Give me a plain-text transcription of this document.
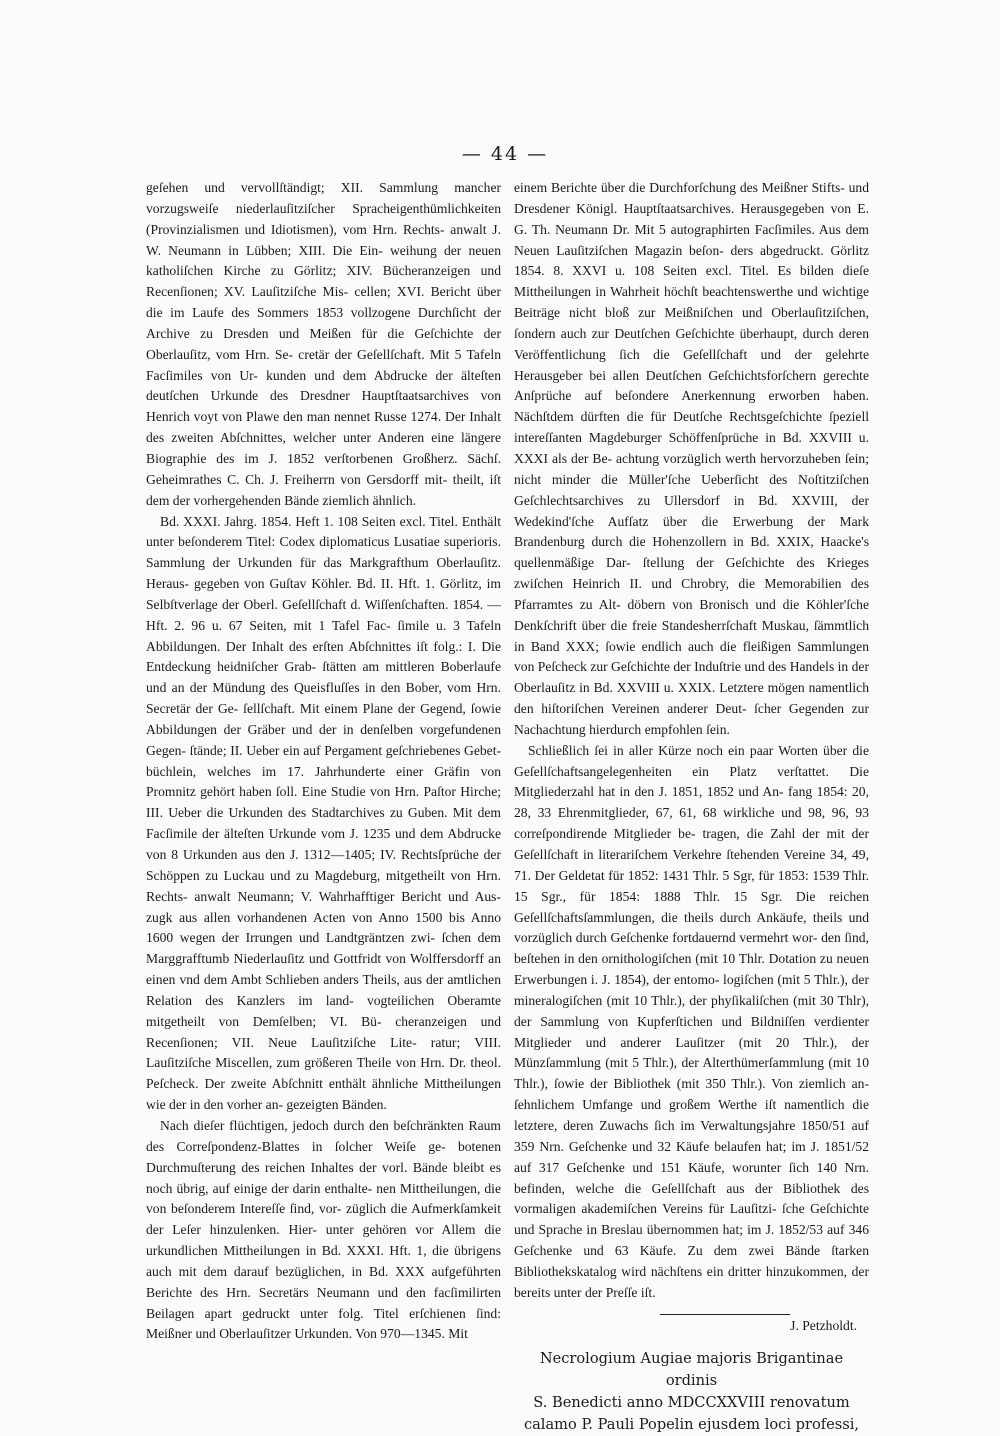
— 44 —

geſehen und vervollſtändigt; XII. Sammlung mancher vorzugsweiſe niederlauſitziſcher Spracheigenthümlichkeiten (Provinzialismen und Idiotismen), vom Hrn. Rechts- anwalt J. W. Neumann in Lübben; XIII. Die Ein- weihung der neuen katholiſchen Kirche zu Görlitz; XIV. Bücheranzeigen und Recenſionen; XV. Lauſitziſche Mis- cellen; XVI. Bericht über die im Laufe des Sommers 1853 vollzogene Durchſicht der Archive zu Dresden und Meißen für die Geſchichte der Oberlauſitz, vom Hrn. Se- cretär der Geſellſchaft. Mit 5 Tafeln Facſimiles von Ur- kunden und dem Abdrucke der älteſten deutſchen Urkunde des Dresdner Hauptſtaatsarchives von Henrich voyt von Plawe den man nennet Russe 1274. Der Inhalt des zweiten Abſchnittes, welcher unter Anderen eine längere Biographie des im J. 1852 verſtorbenen Großherz. Sächſ. Geheimrathes C. Ch. J. Freiherrn von Gersdorff mit- theilt, iſt dem der vorhergehenden Bände ziemlich ähnlich.

Bd. XXXI. Jahrg. 1854. Heft 1. 108 Seiten excl. Titel. Enthält unter beſonderem Titel: Codex diplomaticus Lusatiae superioris. Sammlung der Urkunden für das Markgrafthum Oberlauſitz. Heraus- gegeben von Guſtav Köhler. Bd. II. Hft. 1. Görlitz, im Selbſtverlage der Oberl. Geſellſchaft d. Wiſſenſchaften. 1854. — Hft. 2. 96 u. 67 Seiten, mit 1 Tafel Fac- ſimile u. 3 Tafeln Abbildungen. Der Inhalt des erſten Abſchnittes iſt folg.: I. Die Entdeckung heidniſcher Grab- ſtätten am mittleren Boberlaufe und an der Mündung des Queisfluſſes in den Bober, vom Hrn. Secretär der Ge- ſellſchaft. Mit einem Plane der Gegend, ſowie Abbildungen der Gräber und der in denſelben vorgefundenen Gegen- ſtände; II. Ueber ein auf Pergament geſchriebenes Gebet- büchlein, welches im 17. Jahrhunderte einer Gräfin von Promnitz gehört haben ſoll. Eine Studie von Hrn. Paſtor Hirche; III. Ueber die Urkunden des Stadtarchives zu Guben. Mit dem Facſimile der älteſten Urkunde vom J. 1235 und dem Abdrucke von 8 Urkunden aus den J. 1312—1405; IV. Rechtsſprüche der Schöppen zu Luckau und zu Magdeburg, mitgetheilt von Hrn. Rechts- anwalt Neumann; V. Wahrhafftiger Bericht und Aus- zugk aus allen vorhandenen Acten von Anno 1500 bis Anno 1600 wegen der Irrungen und Landtgräntzen zwi- ſchen dem Marggrafftumb Niederlauſitz und Gottfridt von Wolffersdorff an einen vnd dem Ambt Schlieben anders Theils, aus der amtlichen Relation des Kanzlers im land- vogteilichen Oberamte mitgetheilt von Demſelben; VI. Bü- cheranzeigen und Recenſionen; VII. Neue Lauſitziſche Lite- ratur; VIII. Lauſitziſche Miscellen, zum größeren Theile von Hrn. Dr. theol. Peſcheck. Der zweite Abſchnitt enthält ähnliche Mittheilungen wie der in den vorher an- gezeigten Bänden.

Nach dieſer flüchtigen, jedoch durch den beſchränkten Raum des Correſpondenz-Blattes in ſolcher Weiſe ge- botenen Durchmuſterung des reichen Inhaltes der vorl. Bände bleibt es noch übrig, auf einige der darin enthalte- nen Mittheilungen, die von beſonderem Intereſſe ſind, vor- züglich die Aufmerkſamkeit der Leſer hinzulenken. Hier- unter gehören vor Allem die urkundlichen Mittheilungen in Bd. XXXI. Hft. 1, die übrigens auch mit dem darauf bezüglichen, in Bd. XXX aufgeführten Berichte des Hrn. Secretärs Neumann und den facſimilirten Beilagen apart gedruckt unter folg. Titel erſchienen ſind: Meißner und Oberlauſitzer Urkunden. Von 970—1345. Mit

einem Berichte über die Durchforſchung des Meißner Stifts- und Dresdener Königl. Hauptſtaatsarchives. Herausgegeben von E. G. Th. Neumann Dr. Mit 5 autographirten Facſimiles. Aus dem Neuen Lauſitziſchen Magazin beſon- ders abgedruckt. Görlitz 1854. 8. XXVI u. 108 Seiten excl. Titel. Es bilden dieſe Mittheilungen in Wahrheit höchſt beachtenswerthe und wichtige Beiträge nicht bloß zur Meißniſchen und Oberlauſitziſchen, ſondern auch zur Deutſchen Geſchichte überhaupt, durch deren Veröffentlichung ſich die Geſellſchaft und der gelehrte Herausgeber bei allen Deutſchen Geſchichtsforſchern gerechte Anſprüche auf beſondere Anerkennung erworben haben. Nächſtdem dürften die für Deutſche Rechtsgeſchichte ſpeziell intereſſanten Magdeburger Schöffenſprüche in Bd. XXVIII u. XXXI als der Be- achtung vorzüglich werth hervorzuheben ſein; nicht minder die Müller'ſche Ueberſicht des Noſtitziſchen Geſchlechtsarchives zu Ullersdorf in Bd. XXVIII, der Wedekind'ſche Aufſatz über die Erwerbung der Mark Brandenburg durch die Hohenzollern in Bd. XXIX, Haacke's quellenmäßige Dar- ſtellung der Geſchichte des Krieges zwiſchen Heinrich II. und Chrobry, die Memorabilien des Pfarramtes zu Alt- döbern von Bronisch und die Köhler'ſche Denkſchrift über die freie Standesherrſchaft Muskau, ſämmtlich in Band XXX; ſowie endlich auch die fleißigen Sammlungen von Peſcheck zur Geſchichte der Induſtrie und des Handels in der Oberlauſitz in Bd. XXVIII u. XXIX. Letztere mögen namentlich den hiſtoriſchen Vereinen anderer Deut- ſcher Gegenden zur Nachachtung hierdurch empfohlen ſein.

Schließlich ſei in aller Kürze noch ein paar Worten über die Geſellſchaftsangelegenheiten ein Platz verſtattet. Die Mitgliederzahl hat in den J. 1851, 1852 und An- fang 1854: 20, 28, 33 Ehrenmitglieder, 67, 61, 68 wirkliche und 98, 96, 93 correſpondirende Mitglieder be- tragen, die Zahl der mit der Geſellſchaft in literariſchem Verkehre ſtehenden Vereine 34, 49, 71. Der Geldetat für 1852: 1431 Thlr. 5 Sgr, für 1853: 1539 Thlr. 15 Sgr., für 1854: 1888 Thlr. 15 Sgr. Die reichen Geſellſchaftsſammlungen, die theils durch Ankäufe, theils und vorzüglich durch Geſchenke fortdauernd vermehrt wor- den ſind, beſtehen in den ornithologiſchen (mit 10 Thlr. Dotation zu neuen Erwerbungen i. J. 1854), der entomo- logiſchen (mit 5 Thlr.), der mineralogiſchen (mit 10 Thlr.), der phyſikaliſchen (mit 30 Thlr), der Sammlung von Kupferſtichen und Bildniſſen verdienter Mitglieder und anderer Lauſitzer (mit 20 Thlr.), der Münzſammlung (mit 5 Thlr.), der Alterthümerſammlung (mit 10 Thlr.), ſowie der Bibliothek (mit 350 Thlr.). Von ziemlich an- ſehnlichem Umfange und großem Werthe iſt namentlich die letztere, deren Zuwachs ſich im Verwaltungsjahre 1850/51 auf 359 Nrn. Geſchenke und 32 Käufe belaufen hat; im J. 1851/52 auf 317 Geſchenke und 151 Käufe, worunter ſich 140 Nrn. befinden, welche die Geſellſchaft aus der Bibliothek des vormaligen akademiſchen Vereins für Lauſitzi- ſche Geſchichte und Sprache in Breslau übernommen hat; im J. 1852/53 auf 346 Geſchenke und 63 Käufe. Zu dem zwei Bände ſtarken Bibliothekskatalog wird nächſtens ein dritter hinzukommen, der bereits unter der Preſſe iſt.

J. Petzholdt.
Necrologium Augiae majoris Brigantinae ordinis
S. Benedicti anno MDCCXXVIII renovatum
calamo P. Pauli Popelin ejusdem loci professi,
